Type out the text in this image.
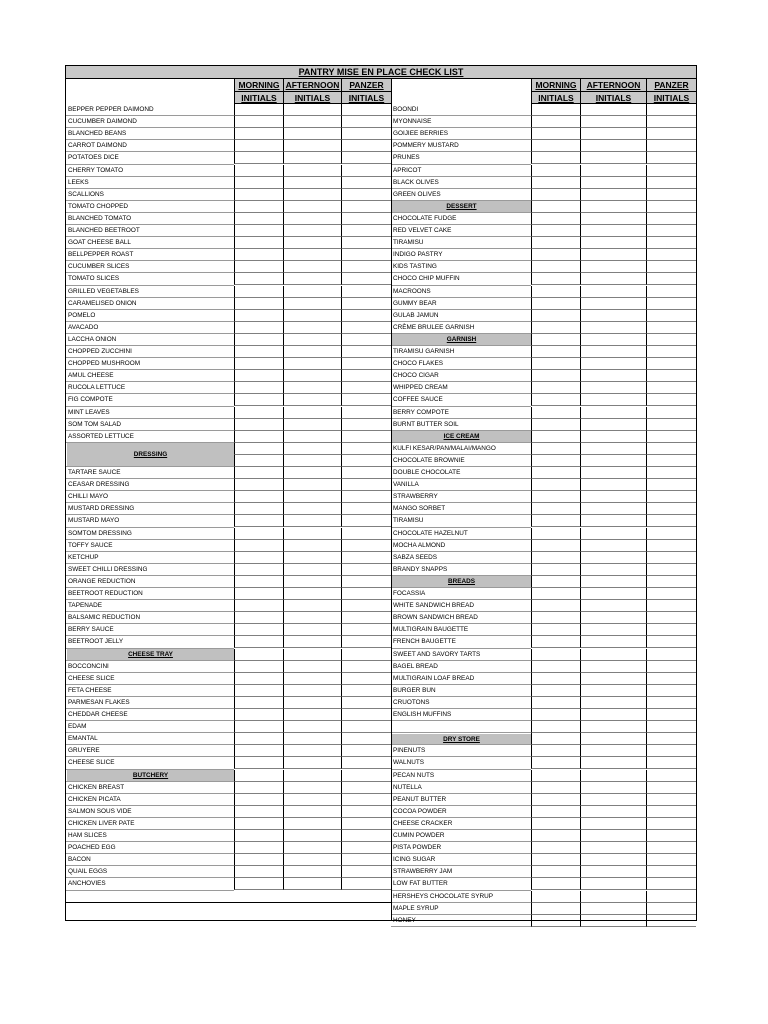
PANTRY MISE EN PLACE CHECK LIST
MORNING
INITIALS
AFTERNOON
INITIALS
PANZER
INITIALS
MORNING
INITIALS
AFTERNOON
INITIALS
PANZER
INITIALS
BEPPER PEPPER DAIMOND
CUCUMBER DAIMOND
BLANCHED BEANS
CARROT DAIMOND
POTATOES DICE
CHERRY TOMATO
LEEKS
SCALLIONS
TOMATO CHOPPED
BLANCHED TOMATO
BLANCHED BEETROOT
GOAT CHEESE BALL
BELLPEPPER ROAST
CUCUMBER SLICES
TOMATO SLICES
GRILLED VEGETABLES
CARAMELISED ONION
POMELO
AVACADO
LACCHA ONION
CHOPPED ZUCCHINI
CHOPPED MUSHROOM
AMUL CHEESE
RUCOLA LETTUCE
FIG COMPOTE
MINT LEAVES
SOM TOM SALAD
ASSORTED LETTUCE
DRESSING
TARTARE SAUCE
CEASAR DRESSING
CHILLI MAYO
MUSTARD DRESSING
MUSTARD MAYO
SOMTOM DRESSING
TOFFY SAUCE
KETCHUP
SWEET CHILLI DRESSING
ORANGE REDUCTION
BEETROOT REDUCTION
TAPENADE
BALSAMIC REDUCTION
BERRY SAUCE
BEETROOT JELLY
CHEESE TRAY
BOCCONCINI
CHEESE SLICE
FETA CHEESE
PARMESAN FLAKES
CHEDDAR CHEESE
EDAM
EMANTAL
GRUYERE
CHEESE SLICE
BUTCHERY
CHICKEN BREAST
CHICKEN PICATA
SALMON SOUS VIDE
CHICKEN LIVER PATE
HAM SLICES
POACHED EGG
BACON
QUAIL EGGS
ANCHOVIES
BOONDI
MYONNAISE
GOIJIEE BERRIES
POMMERY MUSTARD
PRUNES
APRICOT
BLACK OLIVES
GREEN OLIVES
DESSERT
CHOCOLATE FUDGE
RED VELVET CAKE
TIRAMISU
INDIGO PASTRY
KIDS TASTING
CHOCO CHIP MUFFIN
MACROONS
GUMMY BEAR
GULAB JAMUN
CRÈME BRULEE GARNISH
GARNISH
TIRAMISU GARNISH
CHOCO FLAKES
CHOCO CIGAR
WHIPPED CREAM
COFFEE SAUCE
BERRY COMPOTE
BURNT BUTTER SOIL
ICE CREAM
KULFI KESAR/PAN/MALAI/MANGO
CHOCOLATE BROWNIE
DOUBLE CHOCOLATE
VANILLA
STRAWBERRY
MANGO SORBET
TIRAMISU
CHOCOLATE HAZELNUT
MOCHA ALMOND
SABZA SEEDS
BRANDY SNAPPS
BREADS
FOCASSIA
WHITE SANDWICH BREAD
BROWN SANDWICH BREAD
MULTIGRAIN BAUGETTE
FRENCH BAUGETTE
SWEET AND SAVORY TARTS
BAGEL BREAD
MULTIGRAIN LOAF BREAD
BURGER BUN
CRUOTONS
ENGLISH MUFFINS
DRY STORE
PINENUTS
WALNUTS
PECAN NUTS
NUTELLA
PEANUT BUTTER
COCOA POWDER
CHEESE CRACKER
CUMIN POWDER
PISTA POWDER
ICING SUGAR
STRAWBERRY JAM
LOW FAT BUTTER
HERSHEYS CHOCOLATE SYRUP
MAPLE SYRUP
HONEY
